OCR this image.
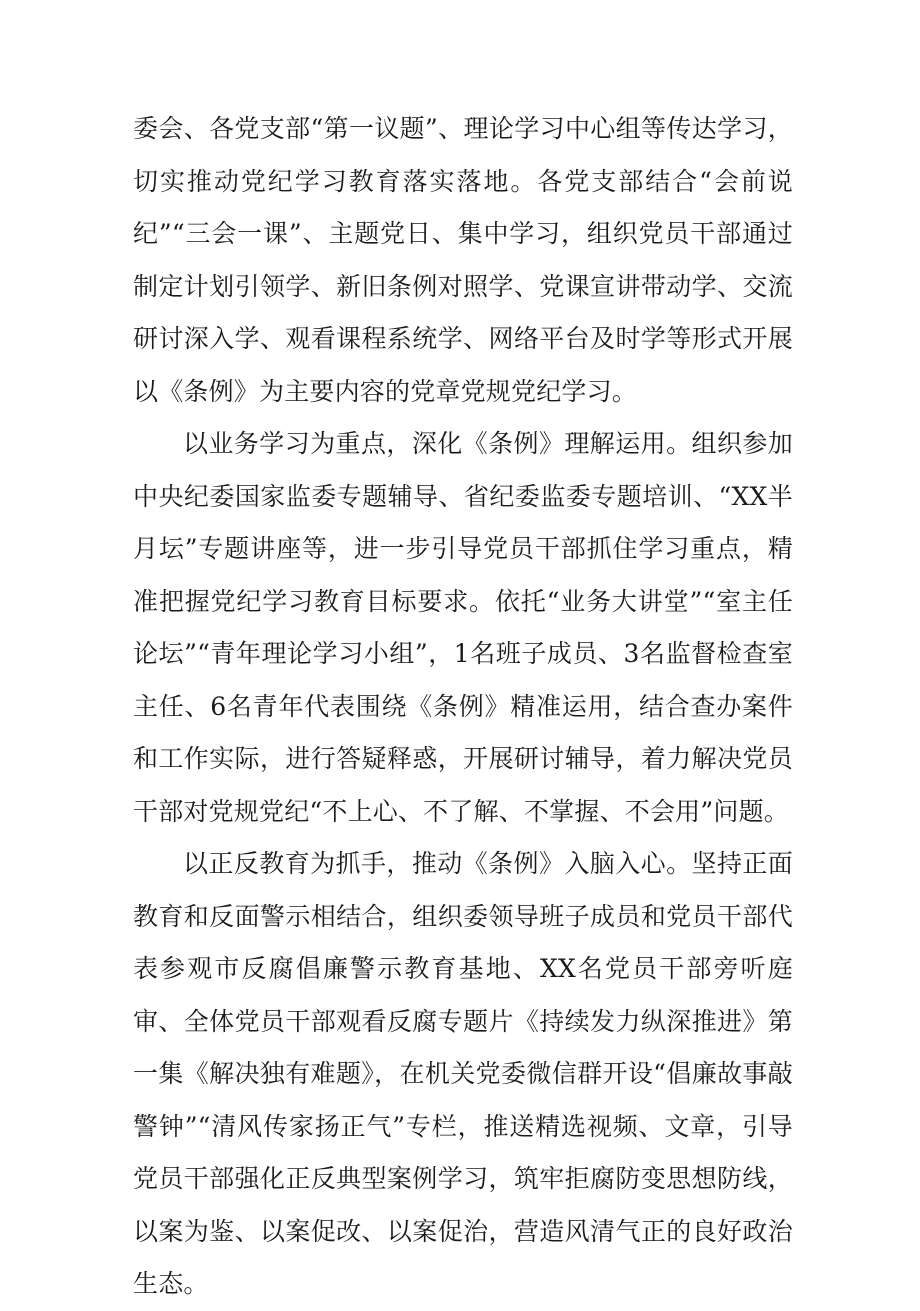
委会、各党支部“第一议题”、理论学习中心组等传达学习，切实推动党纪学习教育落实落地。各党支部结合“会前说纪”“三会一课”、主题党日、集中学习，组织党员干部通过制定计划引领学、新旧条例对照学、党课宣讲带动学、交流研讨深入学、观看课程系统学、网络平台及时学等形式开展以《条例》为主要内容的党章党规党纪学习。

以业务学习为重点，深化《条例》理解运用。组织参加中央纪委国家监委专题辅导、省纪委监委专题培训、“XX半月坛”专题讲座等，进一步引导党员干部抓住学习重点，精准把握党纪学习教育目标要求。依托“业务大讲堂”“室主任论坛”“青年理论学习小组”，1名班子成员、3名监督检查室主任、6名青年代表围绕《条例》精准运用，结合查办案件和工作实际，进行答疑释惑，开展研讨辅导，着力解决党员干部对党规党纪“不上心、不了解、不掌握、不会用”问题。

以正反教育为抓手，推动《条例》入脑入心。坚持正面教育和反面警示相结合，组织委领导班子成员和党员干部代表参观市反腐倡廉警示教育基地、XX名党员干部旁听庭审、全体党员干部观看反腐专题片《持续发力纵深推进》第一集《解决独有难题》，在机关党委微信群开设“倡廉故事敲警钟”“清风传家扬正气”专栏，推送精选视频、文章，引导党员干部强化正反典型案例学习，筑牢拒腐防变思想防线，以案为鉴、以案促改、以案促治，营造风清气正的良好政治生态。
